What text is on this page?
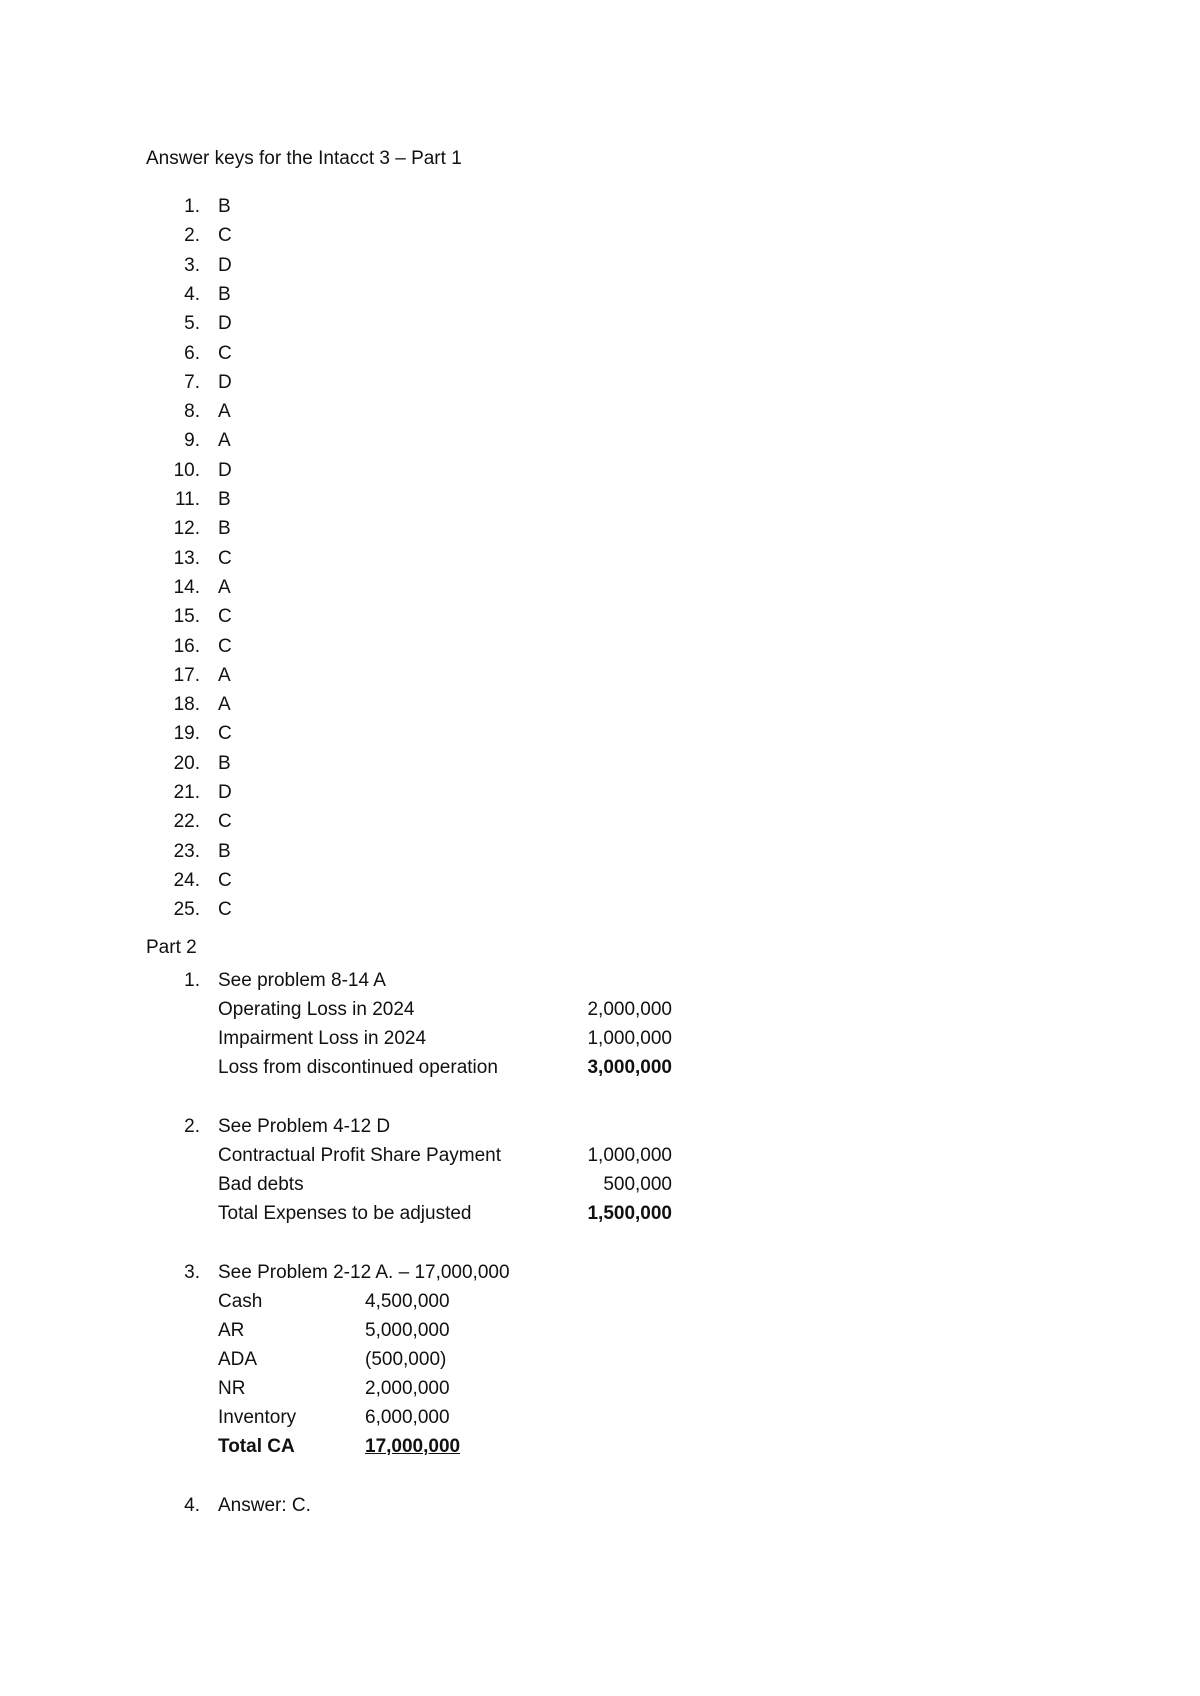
Answer keys for the Intacct 3 – Part 1
1. B
2. C
3. D
4. B
5. D
6. C
7. D
8. A
9. A
10. D
11. B
12. B
13. C
14. A
15. C
16. C
17. A
18. A
19. C
20. B
21. D
22. C
23. B
24. C
25. C
Part 2
1. See problem 8-14 A
Operating Loss in 2024	2,000,000
Impairment Loss in 2024	1,000,000
Loss from discontinued operation	3,000,000
2. See Problem 4-12 D
Contractual Profit Share Payment	1,000,000
Bad debts	500,000
Total Expenses to be adjusted	1,500,000
3. See Problem 2-12 A. – 17,000,000
Cash	4,500,000
AR	5,000,000
ADA	(500,000)
NR	2,000,000
Inventory	6,000,000
Total CA	17,000,000
4. Answer: C.
